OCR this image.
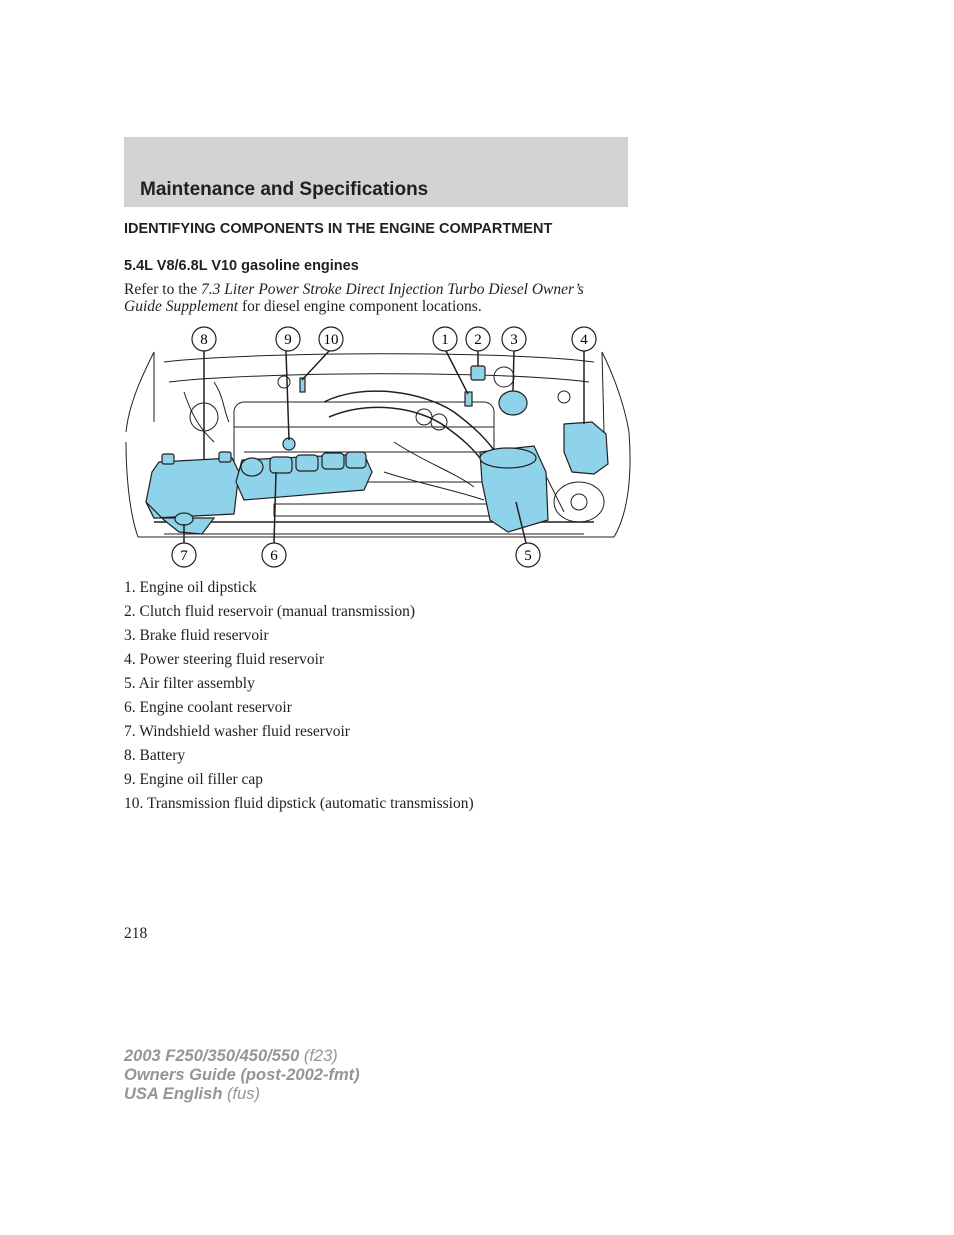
Maintenance and Specifications
IDENTIFYING COMPONENTS IN THE ENGINE COMPARTMENT
5.4L V8/6.8L V10 gasoline engines

Refer to the 7.3 Liter Power Stroke Direct Injection Turbo Diesel Owner’s Guide Supplement for diesel engine component locations.

8	9 10	1 2 3	4
7	6	5
1. Engine oil dipstick
2. Clutch fluid reservoir (manual transmission)
3. Brake fluid reservoir
4. Power steering fluid reservoir
5. Air filter assembly
6. Engine coolant reservoir
7. Windshield washer fluid reservoir
8. Battery
9. Engine oil filler cap
10. Transmission fluid dipstick (automatic transmission)
218
2003 F250/350/450/550 (f23)
Owners Guide (post-2002-fmt)
USA English (fus)
